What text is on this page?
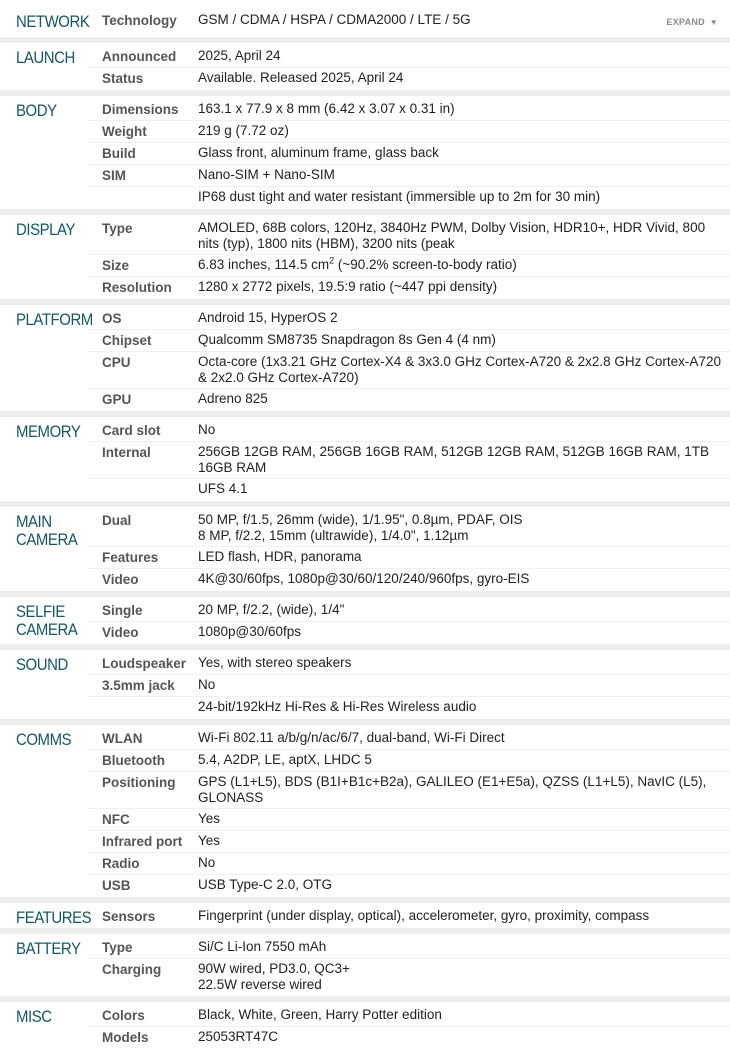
EXPAND ▼
NETWORK Technology	GSM / CDMA / HSPA / CDMA2000 / LTE / 5G
LAUNCH	Announced	2025, April 24
Status	Available. Released 2025, April 24
BODY	Dimensions	163.1 x 77.9 x 8 mm (6.42 x 3.07 x 0.31 in)
Weight	219 g (7.72 oz)
Build	Glass front, aluminum frame, glass back
SIM	Nano-SIM + Nano-SIM
IP68 dust tight and water resistant (immersible up to 2m for 30 min)
DISPLAY	Type	AMOLED, 68B colors, 120Hz, 3840Hz PWM, Dolby Vision, HDR10+, HDR Vivid, 800 nits (typ), 1800 nits (HBM), 3200 nits (peak
Size	6.83 inches, 114.5 $cm^2$ (~90.2% screen-to-body ratio)
Resolution	1280 x 2772 pixels, 19.5:9 ratio (~447 ppi density)
PLATFORM OS	Android 15, HyperOS 2
Chipset	Qualcomm SM8735 Snapdragon 8s Gen 4 (4 nm)
CPU	Octa-core (1x3.21 GHz Cortex-X4 & 3x3.0 GHz Cortex-A720 & 2x2.8 GHz Cortex-A720 & 2x2.0 GHz Cortex-A720)
GPU	Adreno 825
MEMORY	Card slot	No
Internal	256GB 12GB RAM, 256GB 16GB RAM, 512GB 12GB RAM, 512GB 16GB RAM, 1TB 16GB RAM
UFS 4.1
MAIN
CAMERA
Dual	50 MP, f/1.5, 26mm (wide), 1/1.95", 0.8µm, PDAF, OIS
8 MP, f/2.2, 15mm (ultrawide), 1/4.0", 1.12µm
Features	LED flash, HDR, panorama
Video	4K@30/60fps, 1080p@30/60/120/240/960fps, gyro-EIS
SELFIE
CAMERA
Single	20 MP, f/2.2, (wide), 1/4"
Video	1080p@30/60fps
SOUND	Loudspeaker Yes, with stereo speakers
3.5mm jack	No
24-bit/192kHz Hi-Res & Hi-Res Wireless audio
COMMS	WLAN	Wi-Fi 802.11 a/b/g/n/ac/6/7, dual-band, Wi-Fi Direct
Bluetooth	5.4, A2DP, LE, aptX, LHDC 5
Positioning	GPS (L1+L5), BDS (B1I+B1c+B2a), GALILEO (E1+E5a), QZSS (L1+L5), NavIC (L5), GLONASS
NFC	Yes
Infrared port	Yes
Radio	No
USB	USB Type-C 2.0, OTG
FEATURES Sensors	Fingerprint (under display, optical), accelerometer, gyro, proximity, compass
BATTERY	Type	Si/C Li-Ion 7550 mAh
Charging	90W wired, PD3.0, QC3+
22.5W reverse wired
MISC	Colors	Black, White, Green, Harry Potter edition
Models	25053RT47C
